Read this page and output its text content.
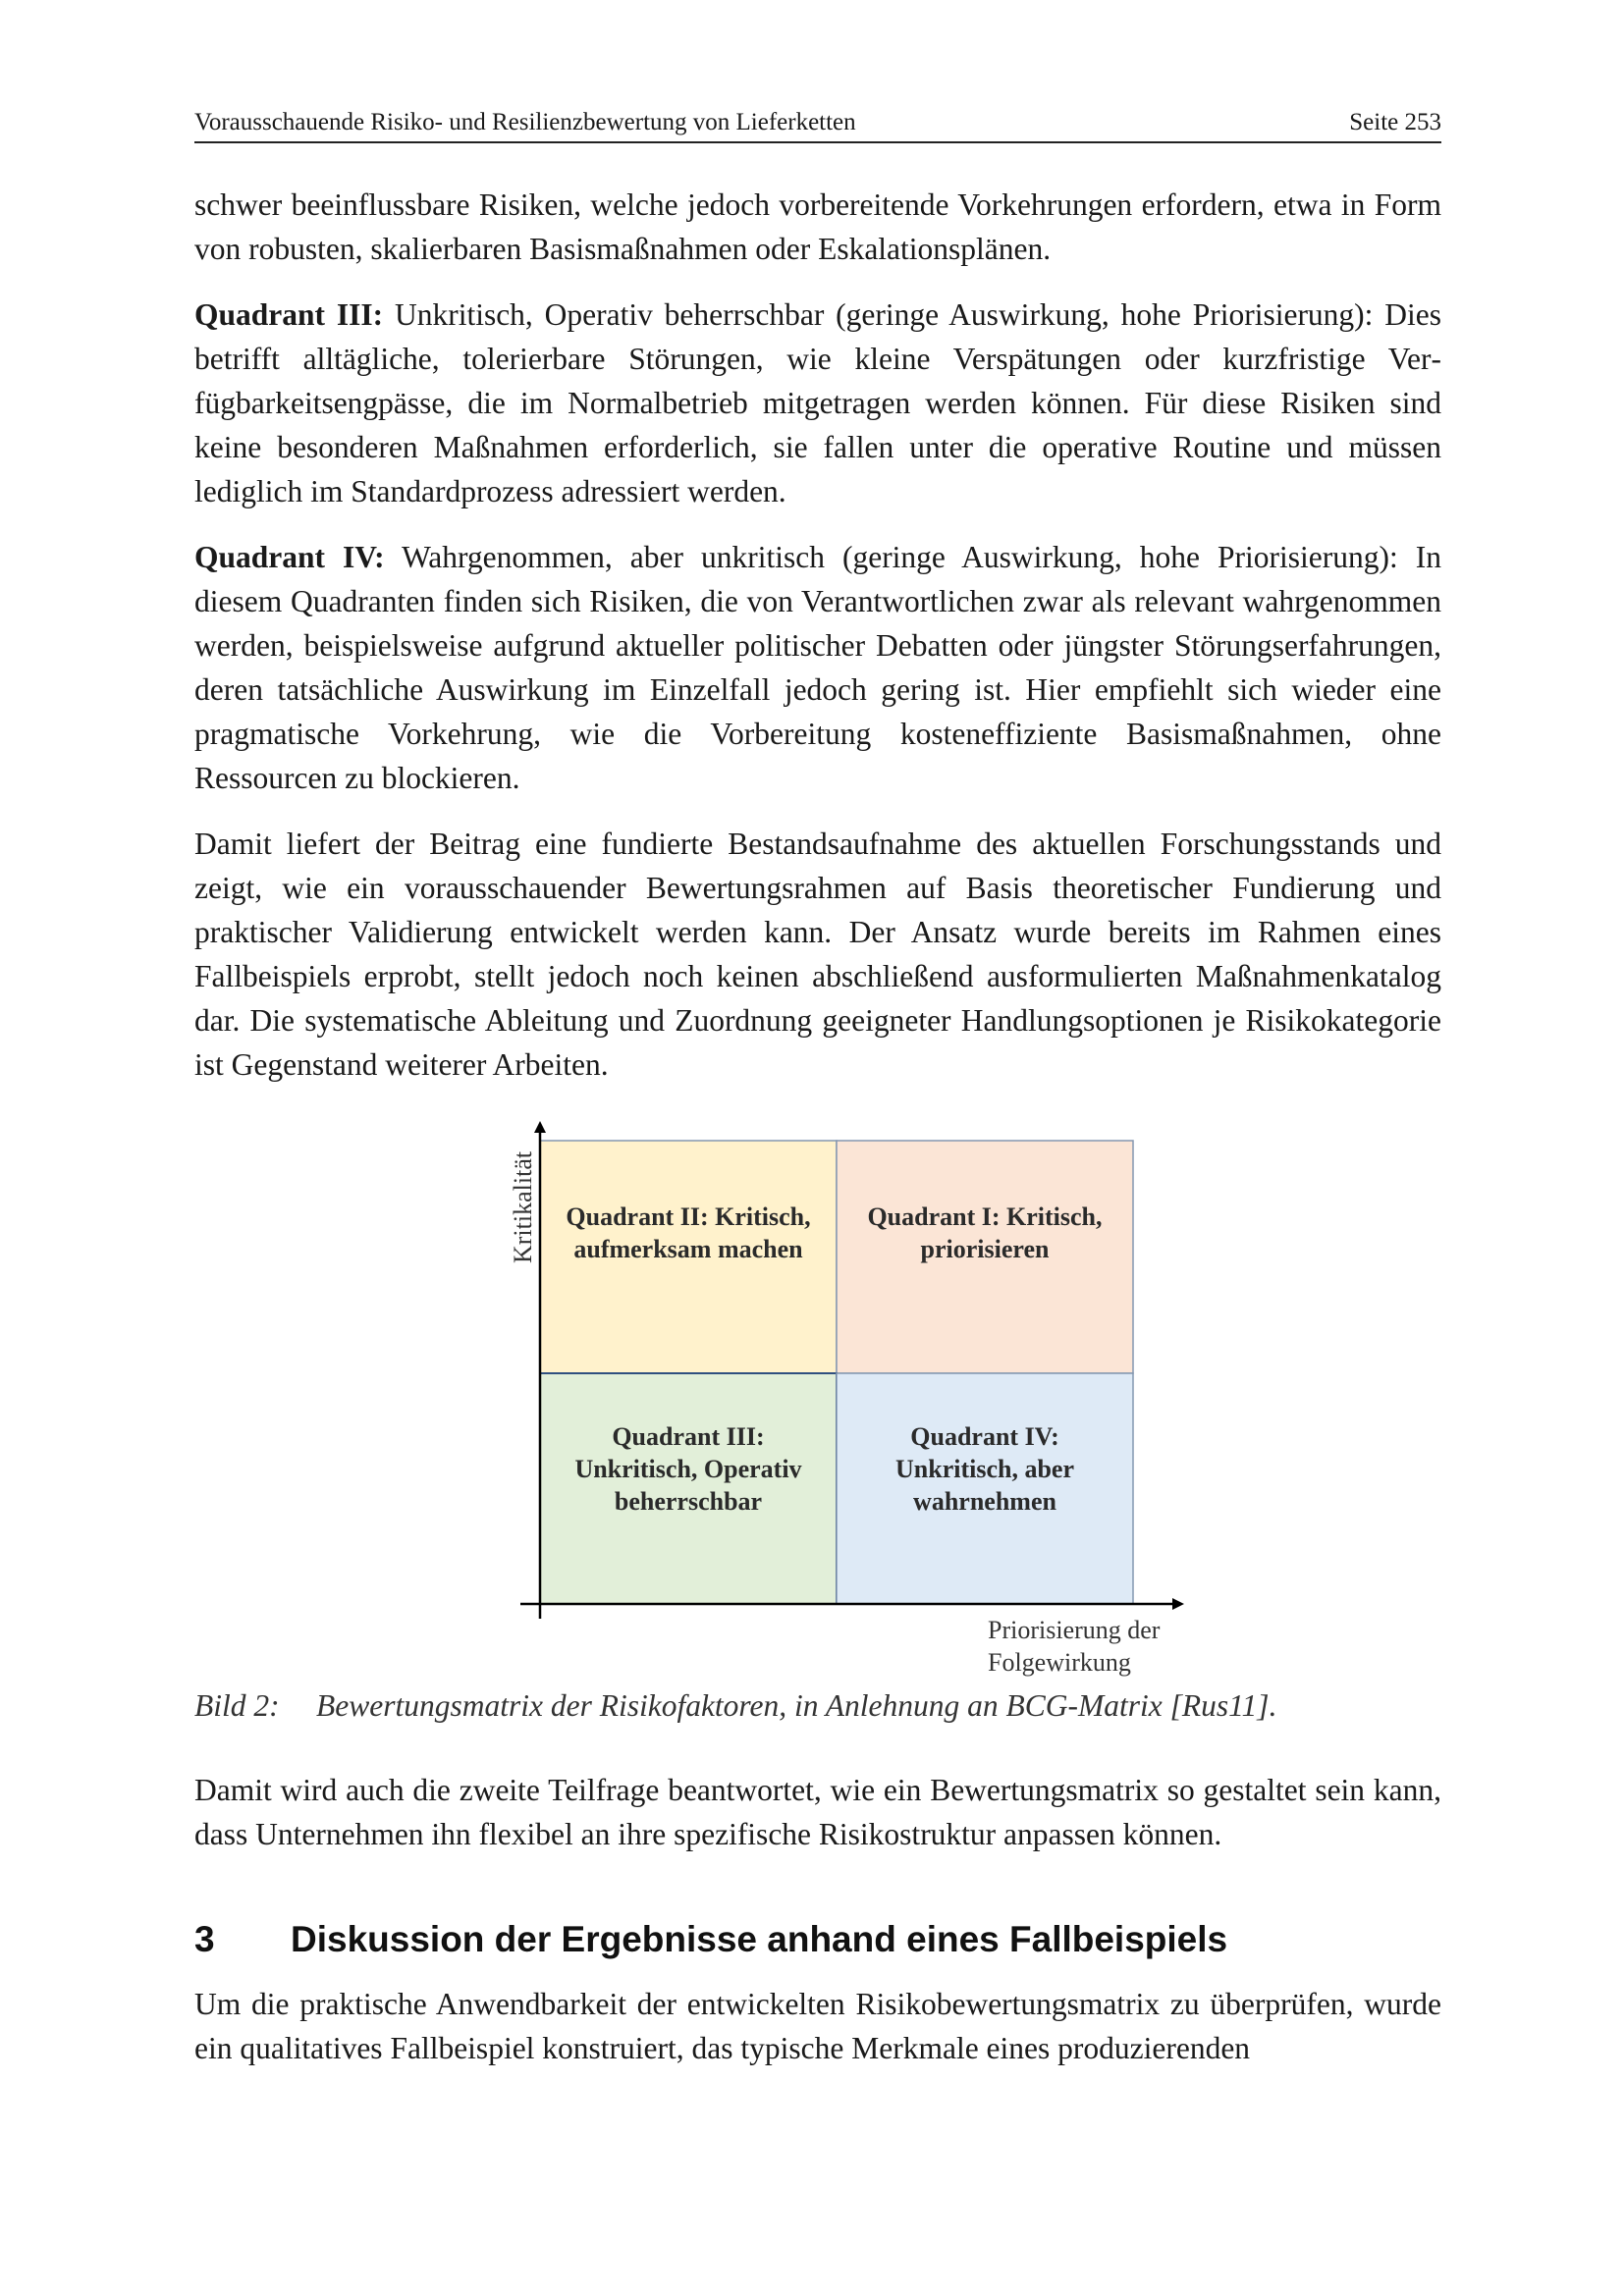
Vorausschauende Risiko- und Resilienzbewertung von Lieferketten	Seite 253

schwer beeinflussbare Risiken, welche jedoch vorbereitende Vorkehrungen erfordern, etwa in Form von robusten, skalierbaren Basismaßnahmen oder Eskalationsplänen.

Quadrant III: Unkritisch, Operativ beherrschbar (geringe Auswirkung, hohe Priorisierung): Dies betrifft alltägliche, tolerierbare Störungen, wie kleine Verspätungen oder kurzfristige Verfügbarkeitsengpässe, die im Normalbetrieb mitgetragen werden können. Für diese Risiken sind keine besonderen Maßnahmen erforderlich, sie fallen unter die operative Routine und müssen lediglich im Standardprozess adressiert werden.

Quadrant IV: Wahrgenommen, aber unkritisch (geringe Auswirkung, hohe Priorisierung): In diesem Quadranten finden sich Risiken, die von Verantwortlichen zwar als relevant wahrgenommen werden, beispielsweise aufgrund aktueller politischer Debatten oder jüngster Störungserfahrungen, deren tatsächliche Auswirkung im Einzelfall jedoch gering ist. Hier empfiehlt sich wieder eine pragmatische Vorkehrung, wie die Vorbereitung kosteneffiziente Basismaßnahmen, ohne Ressourcen zu blockieren.

Damit liefert der Beitrag eine fundierte Bestandsaufnahme des aktuellen Forschungsstands und zeigt, wie ein vorausschauender Bewertungsrahmen auf Basis theoretischer Fundierung und praktischer Validierung entwickelt werden kann. Der Ansatz wurde bereits im Rahmen eines Fallbeispiels erprobt, stellt jedoch noch keinen abschließend ausformulierten Maßnahmenkatalog dar. Die systematische Ableitung und Zuordnung geeigneter Handlungsoptionen je Risikokategorie ist Gegenstand weiterer Arbeiten.

Kritikalität Quadrant II: Kritisch,
aufmerksam machen
Quadrant I: Kritisch,
priorisieren
Quadrant III:
Unkritisch, Operativ
beherrschbar
Quadrant IV:
Unkritisch, aber
wahrnehmen
Priorisierung der
Folgewirkung
Bild 2:	Bewertungsmatrix der Risikofaktoren, in Anlehnung an BCG-Matrix [Rus11].

Damit wird auch die zweite Teilfrage beantwortet, wie ein Bewertungsmatrix so gestaltet sein kann, dass Unternehmen ihn flexibel an ihre spezifische Risikostruktur anpassen können.

3	Diskussion der Ergebnisse anhand eines Fallbeispiels

Um die praktische Anwendbarkeit der entwickelten Risikobewertungsmatrix zu überprüfen, wurde ein qualitatives Fallbeispiel konstruiert, das typische Merkmale eines produzierenden
